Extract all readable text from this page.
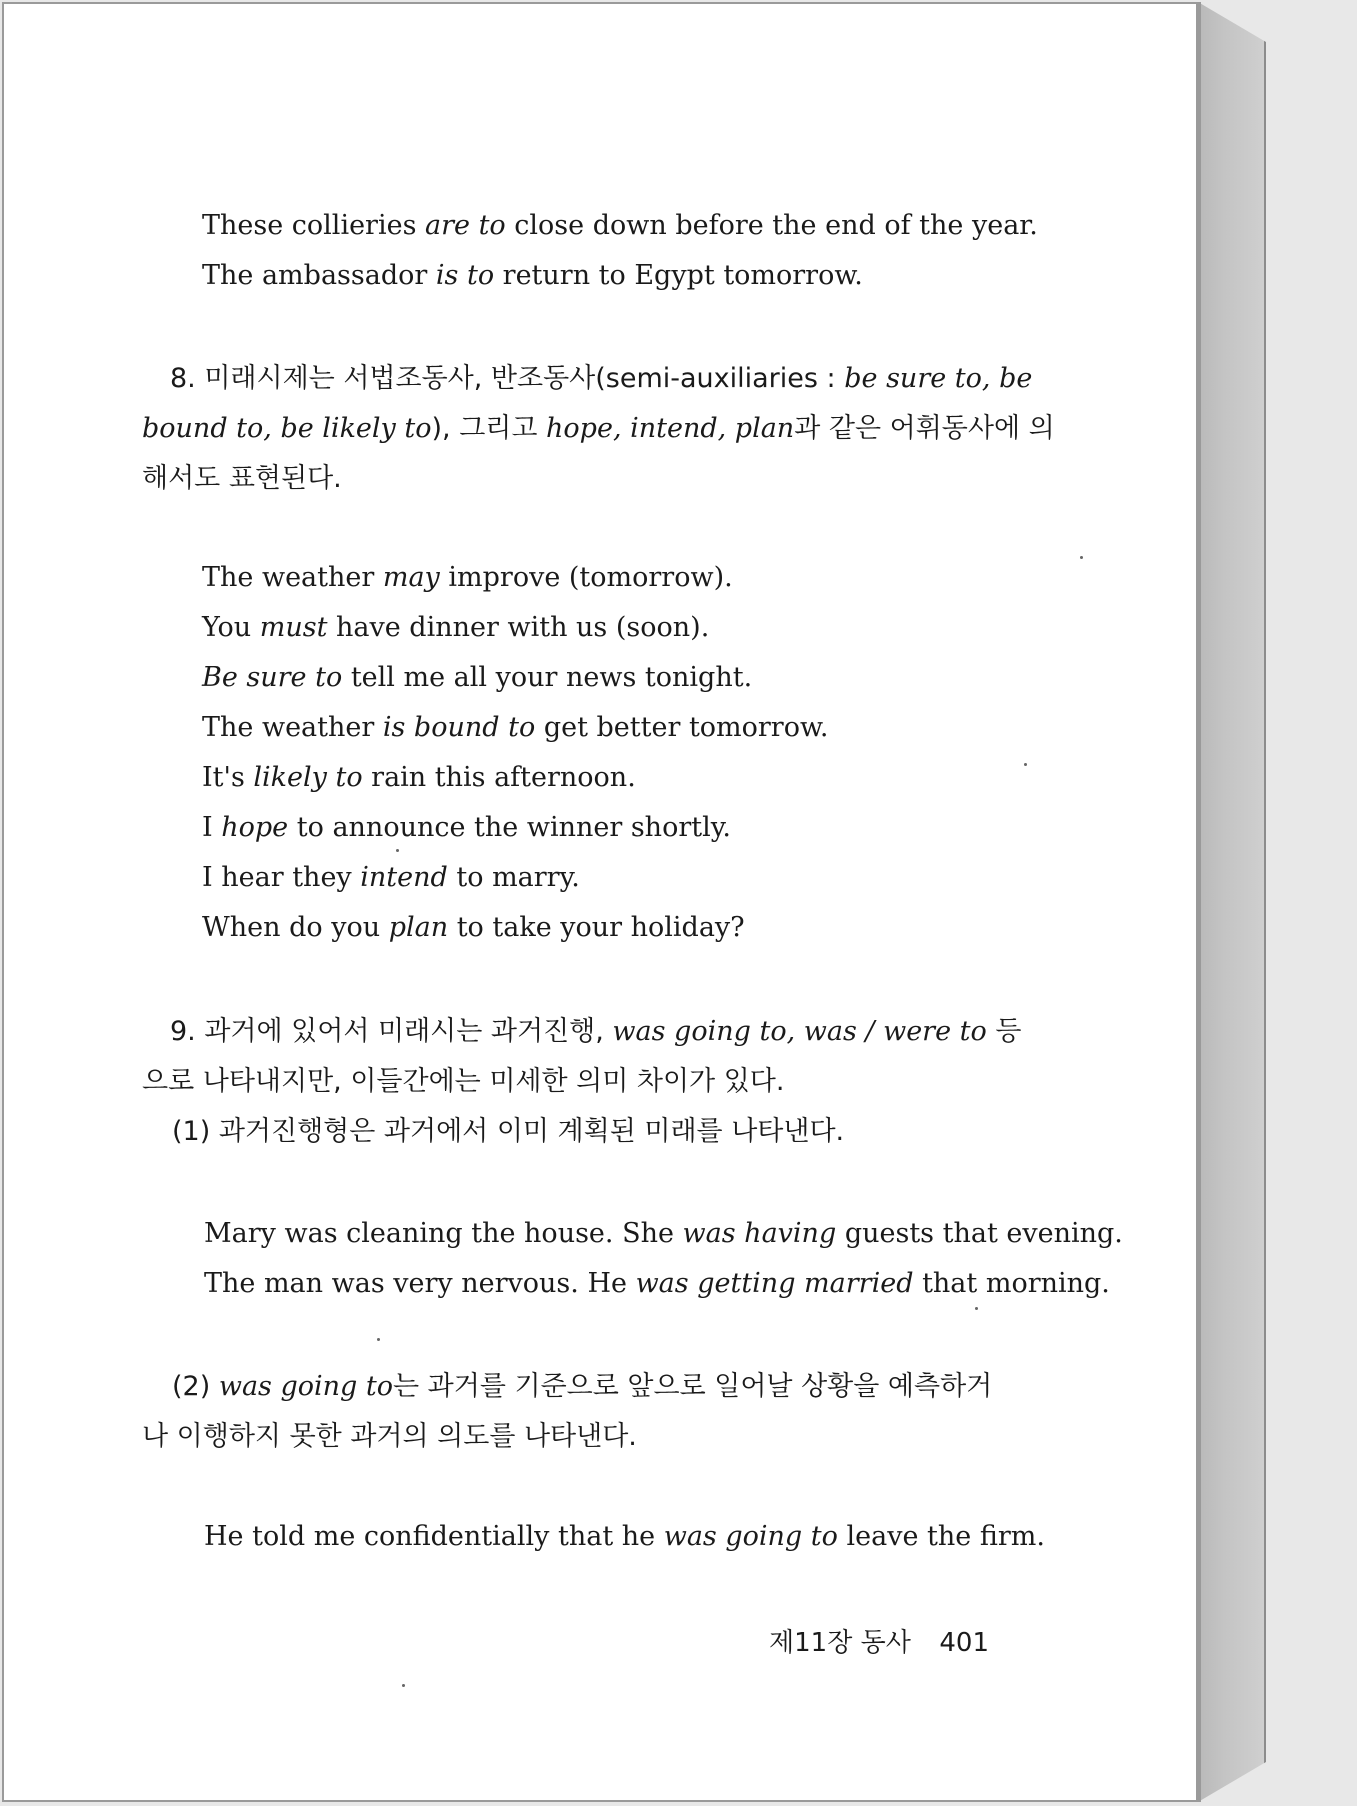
These collieries are to close down before the end of the year.
The ambassador is to return to Egypt tomorrow.
8. 미래시제는 서법조동사, 반조동사(semi-auxiliaries : be sure to, be
bound to, be likely to), 그리고 hope, intend, plan과 같은 어휘동사에 의
해서도 표현된다.
The weather may improve (tomorrow).
You must have dinner with us (soon).
Be sure to tell me all your news tonight.
The weather is bound to get better tomorrow.
It's likely to rain this afternoon.
I hope to announce the winner shortly.
I hear they intend to marry.
When do you plan to take your holiday?
9. 과거에 있어서 미래시는 과거진행, was going to, was / were to 등
으로 나타내지만, 이들간에는 미세한 의미 차이가 있다.
(1) 과거진행형은 과거에서 이미 계획된 미래를 나타낸다.
Mary was cleaning the house. She was having guests that evening.
The man was very nervous. He was getting married that morning.
(2) was going to는 과거를 기준으로 앞으로 일어날 상황을 예측하거
나 이행하지 못한 과거의 의도를 나타낸다.
He told me confidentially that he was going to leave the firm.
제11장 동사 401
